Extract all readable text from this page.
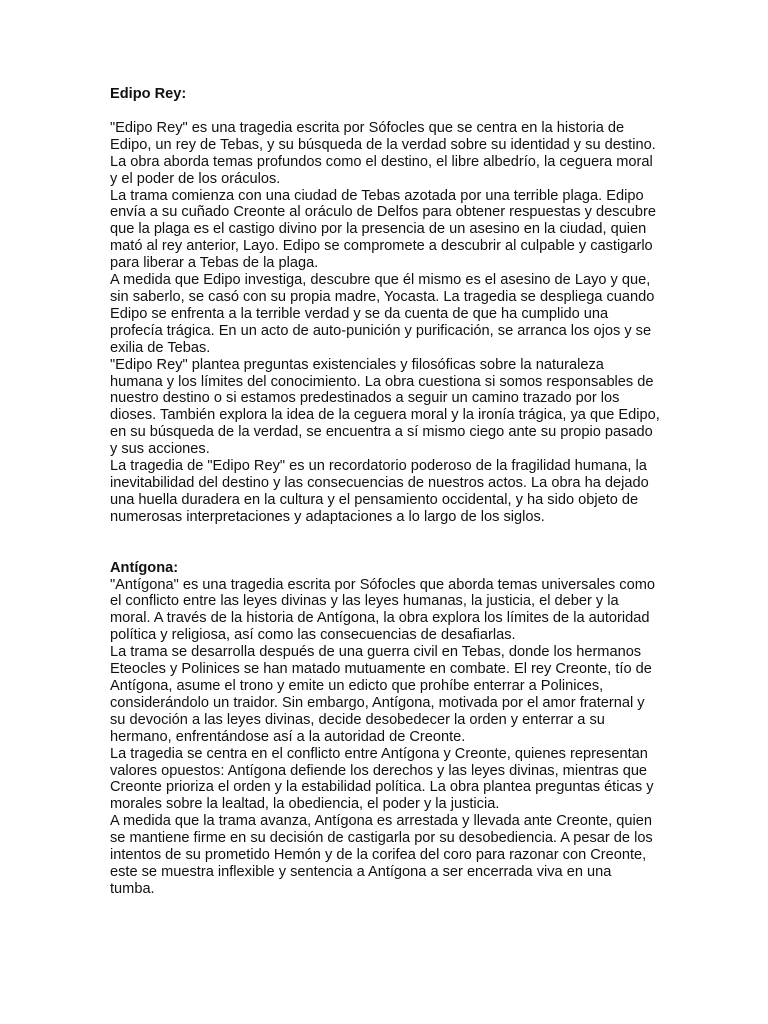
Edipo Rey:

"Edipo Rey" es una tragedia escrita por Sófocles que se centra en la historia de Edipo, un rey de Tebas, y su búsqueda de la verdad sobre su identidad y su destino. La obra aborda temas profundos como el destino, el libre albedrío, la ceguera moral y el poder de los oráculos.

La trama comienza con una ciudad de Tebas azotada por una terrible plaga. Edipo envía a su cuñado Creonte al oráculo de Delfos para obtener respuestas y descubre que la plaga es el castigo divino por la presencia de un asesino en la ciudad, quien mató al rey anterior, Layo. Edipo se compromete a descubrir al culpable y castigarlo para liberar a Tebas de la plaga.

A medida que Edipo investiga, descubre que él mismo es el asesino de Layo y que, sin saberlo, se casó con su propia madre, Yocasta. La tragedia se despliega cuando Edipo se enfrenta a la terrible verdad y se da cuenta de que ha cumplido una profecía trágica. En un acto de auto-punición y purificación, se arranca los ojos y se exilia de Tebas.

"Edipo Rey" plantea preguntas existenciales y filosóficas sobre la naturaleza humana y los límites del conocimiento. La obra cuestiona si somos responsables de nuestro destino o si estamos predestinados a seguir un camino trazado por los dioses. También explora la idea de la ceguera moral y la ironía trágica, ya que Edipo, en su búsqueda de la verdad, se encuentra a sí mismo ciego ante su propio pasado y sus acciones.

La tragedia de "Edipo Rey" es un recordatorio poderoso de la fragilidad humana, la inevitabilidad del destino y las consecuencias de nuestros actos. La obra ha dejado una huella duradera en la cultura y el pensamiento occidental, y ha sido objeto de numerosas interpretaciones y adaptaciones a lo largo de los siglos.

Antígona:

"Antígona" es una tragedia escrita por Sófocles que aborda temas universales como el conflicto entre las leyes divinas y las leyes humanas, la justicia, el deber y la moral. A través de la historia de Antígona, la obra explora los límites de la autoridad política y religiosa, así como las consecuencias de desafiarlas.

La trama se desarrolla después de una guerra civil en Tebas, donde los hermanos Eteocles y Polinices se han matado mutuamente en combate. El rey Creonte, tío de Antígona, asume el trono y emite un edicto que prohíbe enterrar a Polinices, considerándolo un traidor. Sin embargo, Antígona, motivada por el amor fraternal y su devoción a las leyes divinas, decide desobedecer la orden y enterrar a su hermano, enfrentándose así a la autoridad de Creonte.

La tragedia se centra en el conflicto entre Antígona y Creonte, quienes representan valores opuestos: Antígona defiende los derechos y las leyes divinas, mientras que Creonte prioriza el orden y la estabilidad política. La obra plantea preguntas éticas y morales sobre la lealtad, la obediencia, el poder y la justicia.

A medida que la trama avanza, Antígona es arrestada y llevada ante Creonte, quien se mantiene firme en su decisión de castigarla por su desobediencia. A pesar de los intentos de su prometido Hemón y de la corifea del coro para razonar con Creonte, este se muestra inflexible y sentencia a Antígona a ser encerrada viva en una tumba.
